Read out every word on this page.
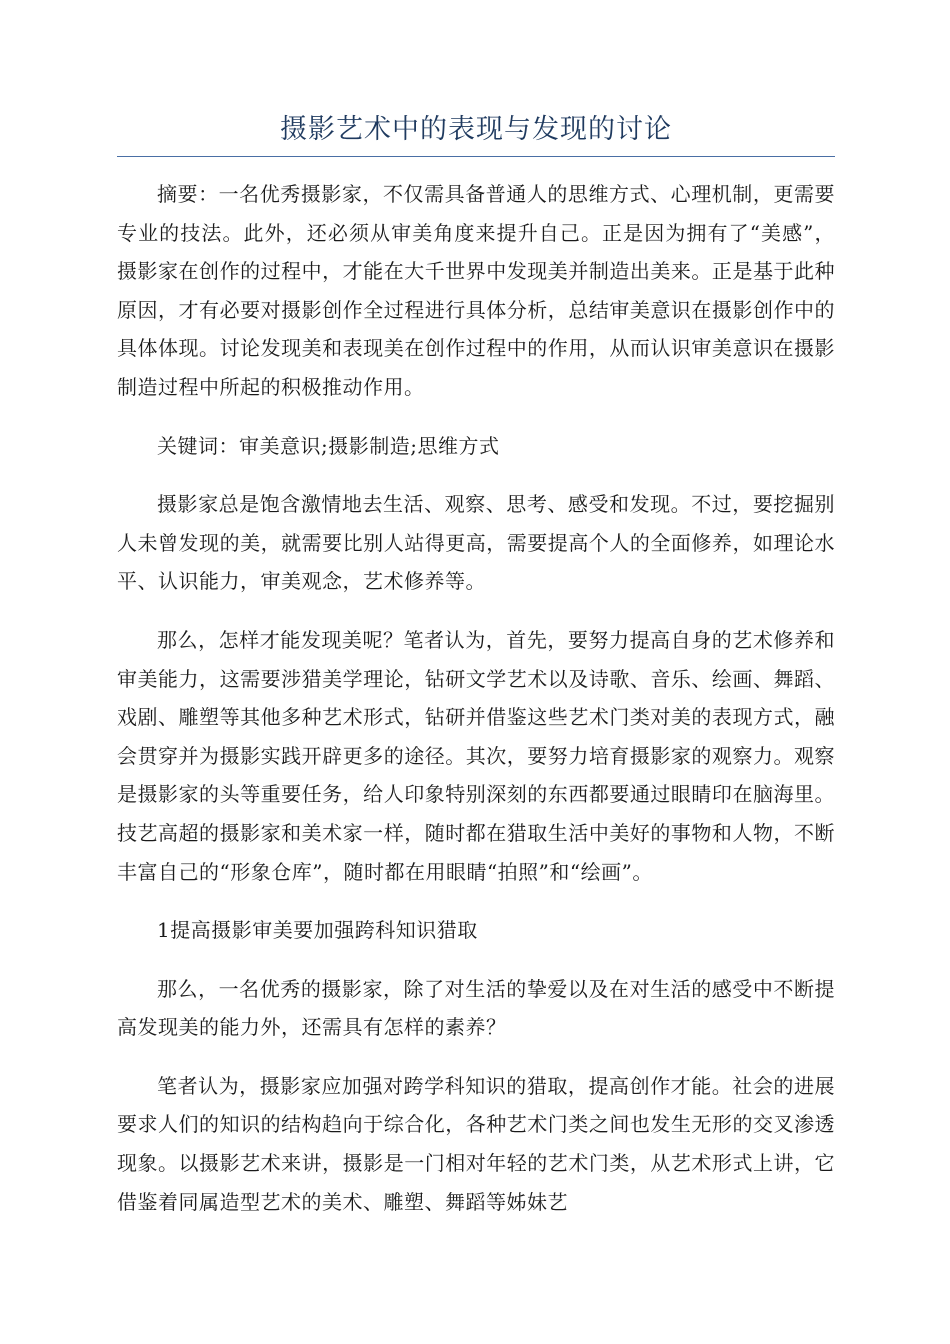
摄影艺术中的表现与发现的讨论

摘要：一名优秀摄影家，不仅需具备普通人的思维方式、心理机制，更需要专业的技法。此外，还必须从审美角度来提升自己。正是因为拥有了“美感”，摄影家在创作的过程中，才能在大千世界中发现美并制造出美来。正是基于此种原因，才有必要对摄影创作全过程进行具体分析，总结审美意识在摄影创作中的具体体现。讨论发现美和表现美在创作过程中的作用，从而认识审美意识在摄影制造过程中所起的积极推动作用。

关键词：审美意识;摄影制造;思维方式

摄影家总是饱含激情地去生活、观察、思考、感受和发现。不过，要挖掘别人未曾发现的美，就需要比别人站得更高，需要提高个人的全面修养，如理论水平、认识能力，审美观念，艺术修养等。

那么，怎样才能发现美呢？笔者认为，首先，要努力提高自身的艺术修养和审美能力，这需要涉猎美学理论，钻研文学艺术以及诗歌、音乐、绘画、舞蹈、戏剧、雕塑等其他多种艺术形式，钻研并借鉴这些艺术门类对美的表现方式，融会贯穿并为摄影实践开辟更多的途径。其次，要努力培育摄影家的观察力。观察是摄影家的头等重要任务，给人印象特别深刻的东西都要通过眼睛印在脑海里。技艺高超的摄影家和美术家一样，随时都在猎取生活中美好的事物和人物，不断丰富自己的“形象仓库”，随时都在用眼睛“拍照”和“绘画”。

1提高摄影审美要加强跨科知识猎取

那么，一名优秀的摄影家，除了对生活的挚爱以及在对生活的感受中不断提高发现美的能力外，还需具有怎样的素养？

笔者认为，摄影家应加强对跨学科知识的猎取，提高创作才能。社会的进展要求人们的知识的结构趋向于综合化，各种艺术门类之间也发生无形的交叉渗透现象。以摄影艺术来讲，摄影是一门相对年轻的艺术门类，从艺术形式上讲，它借鉴着同属造型艺术的美术、雕塑、舞蹈等姊妹艺
